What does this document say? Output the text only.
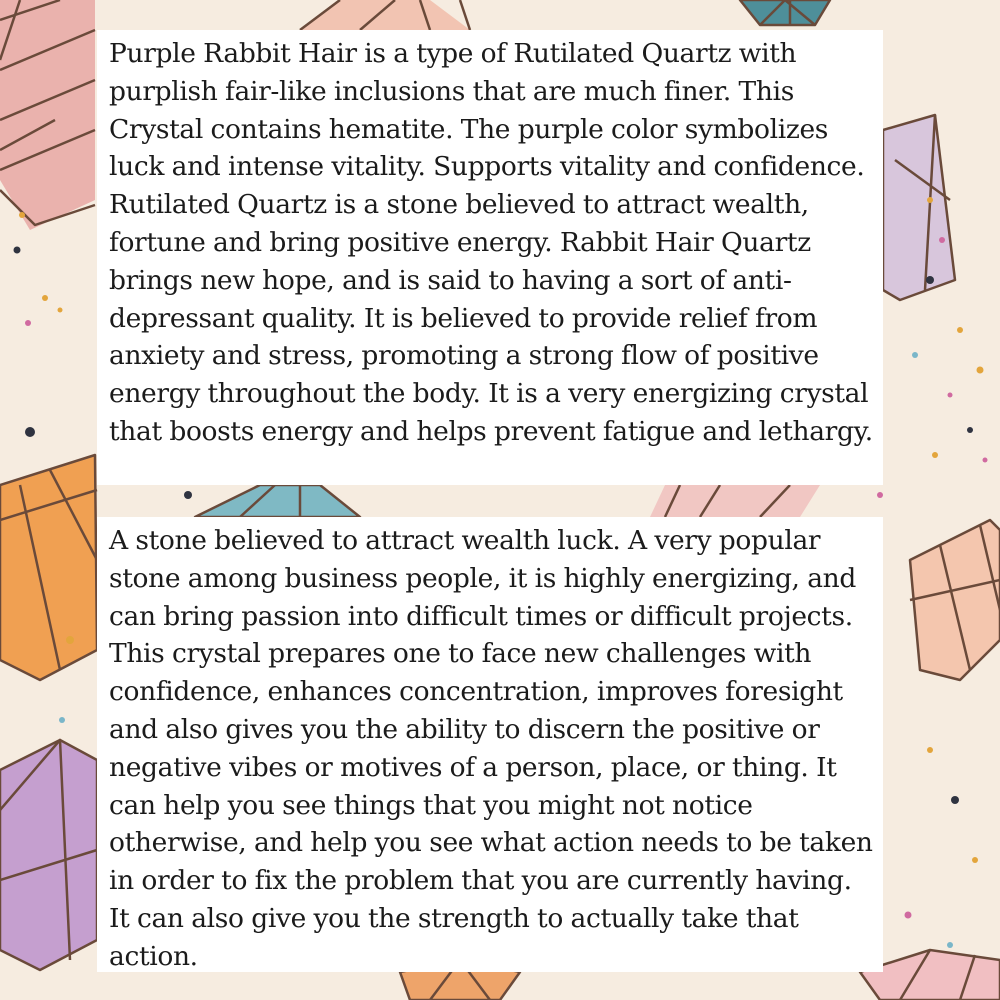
Purple Rabbit Hair is a type of Rutilated Quartz with purplish fair-like inclusions that are much finer. This Crystal contains hematite. The purple color symbolizes luck and intense vitality. Supports vitality and confidence. Rutilated Quartz is a stone believed to attract wealth, fortune and bring positive energy. Rabbit Hair Quartz brings new hope, and is said to having a sort of anti-depressant quality. It is believed to provide relief from anxiety and stress, promoting a strong flow of positive energy throughout the body. It is a very energizing crystal that boosts energy and helps prevent fatigue and lethargy.

A stone believed to attract wealth luck. A very popular stone among business people, it is highly energizing, and can bring passion into difficult times or difficult projects. This crystal prepares one to face new challenges with confidence, enhances concentration, improves foresight and also gives you the ability to discern the positive or negative vibes or motives of a person, place, or thing. It can help you see things that you might not notice otherwise, and help you see what action needs to be taken in order to fix the problem that you are currently having. It can also give you the strength to actually take that action.
